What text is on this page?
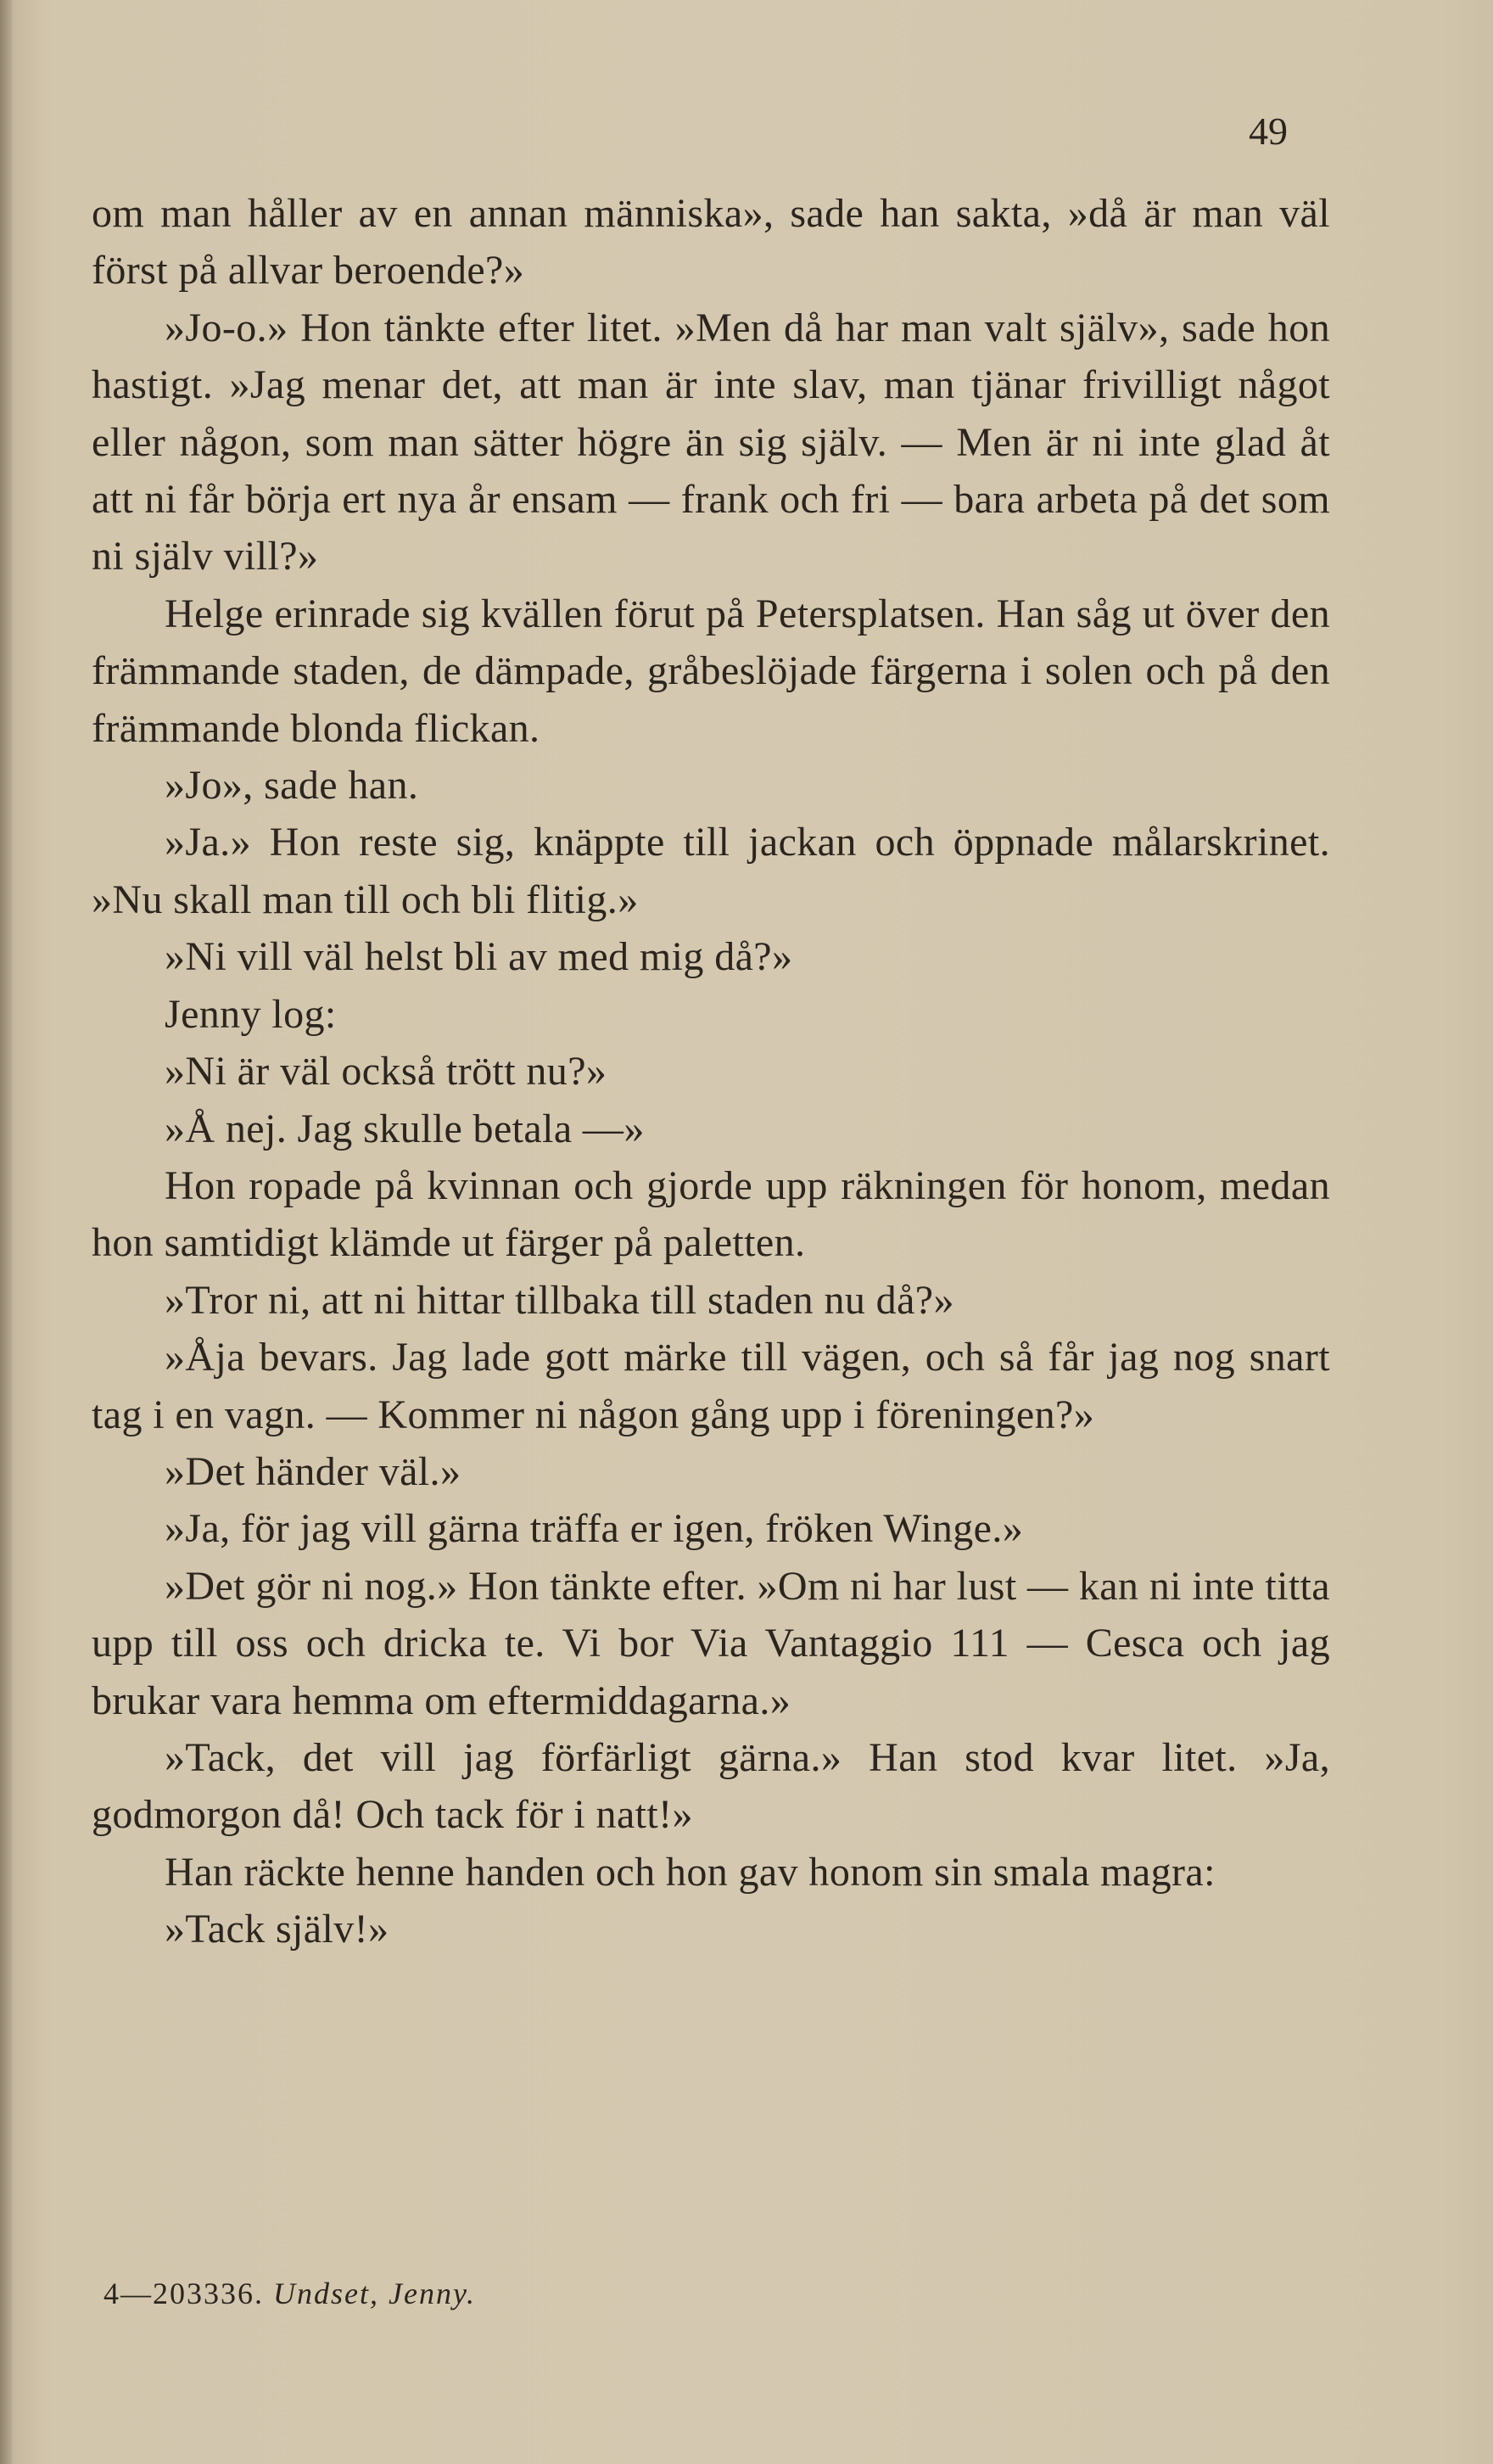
49

om man håller av en annan människa», sade han sakta, »då är man väl först på allvar beroende?»

»Jo-o.» Hon tänkte efter litet. »Men då har man valt själv», sade hon hastigt. »Jag menar det, att man är inte slav, man tjänar frivilligt något eller någon, som man sätter högre än sig själv. — Men är ni inte glad åt att ni får börja ert nya år ensam — frank och fri — bara arbeta på det som ni själv vill?»

Helge erinrade sig kvällen förut på Petersplatsen. Han såg ut över den främmande staden, de dämpade, gråbeslöjade färgerna i solen och på den främmande blonda flickan.

»Jo», sade han.

»Ja.» Hon reste sig, knäppte till jackan och öppnade målarskrinet. »Nu skall man till och bli flitig.»

»Ni vill väl helst bli av med mig då?»

Jenny log:

»Ni är väl också trött nu?»

»Å nej. Jag skulle betala —»

Hon ropade på kvinnan och gjorde upp räkningen för honom, medan hon samtidigt klämde ut färger på paletten.

»Tror ni, att ni hittar tillbaka till staden nu då?»

»Åja bevars. Jag lade gott märke till vägen, och så får jag nog snart tag i en vagn. — Kommer ni någon gång upp i föreningen?»

»Det händer väl.»

»Ja, för jag vill gärna träffa er igen, fröken Winge.»

»Det gör ni nog.» Hon tänkte efter. »Om ni har lust — kan ni inte titta upp till oss och dricka te. Vi bor Via Vantaggio 111 — Cesca och jag brukar vara hemma om eftermiddagarna.»

»Tack, det vill jag förfärligt gärna.» Han stod kvar litet. »Ja, godmorgon då! Och tack för i natt!»

Han räckte henne handen och hon gav honom sin smala magra:

»Tack själv!»

4—203336. Undset, Jenny.
